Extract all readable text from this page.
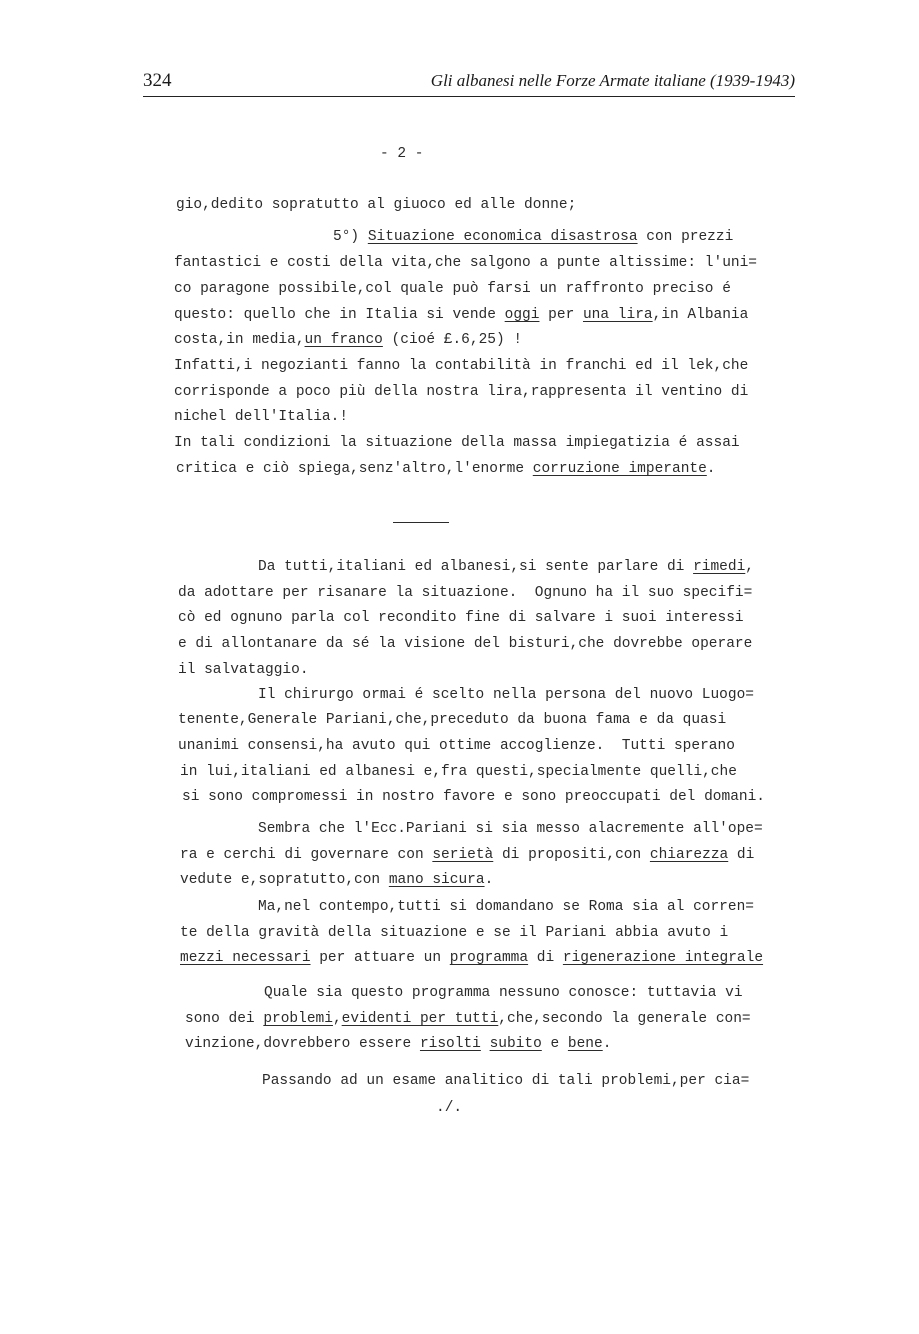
324	Gli albanesi nelle Forze Armate italiane (1939-1943)
- 2 -
gio,dedito sopratutto al giuoco ed alle donne;
5°) Situazione economica disastrosa con prezzi
fantastici e costi della vita,che salgono a punte altissime: l'uni=
co paragone possibile,col quale può farsi un raffronto preciso é
questo: quello che in Italia si vende oggi per una lira,in Albania
costa,in media,un franco (cioé £.6,25) !
Infatti,i negozianti fanno la contabilità in franchi ed il lek,che
corrisponde a poco più della nostra lira,rappresenta il ventino di
nichel dell'Italia.!
In tali condizioni la situazione della massa impiegatizia é assai
critica e ciò spiega,senz'altro,l'enorme corruzione imperante.
Da tutti,italiani ed albanesi,si sente parlare di rimedi,
da adottare per risanare la situazione.  Ognuno ha il suo specifi=
cò ed ognuno parla col recondito fine di salvare i suoi interessi
e di allontanare da sé la visione del bisturi,che dovrebbe operare
il salvataggio.
Il chirurgo ormai é scelto nella persona del nuovo Luogo=
tenente,Generale Pariani,che,preceduto da buona fama e da quasi
unanimi consensi,ha avuto qui ottime accoglienze.  Tutti sperano
in lui,italiani ed albanesi e,fra questi,specialmente quelli,che
si sono compromessi in nostro favore e sono preoccupati del domani.
Sembra che l'Ecc.Pariani si sia messo alacremente all'ope=
ra e cerchi di governare con serietà di propositi,con chiarezza di
vedute e,sopratutto,con mano sicura.
Ma,nel contempo,tutti si domandano se Roma sia al corren=
te della gravità della situazione e se il Pariani abbia avuto i
mezzi necessari per attuare un programma di rigenerazione integrale
Quale sia questo programma nessuno conosce: tuttavia vi
sono dei problemi,evidenti per tutti,che,secondo la generale con=
vinzione,dovrebbero essere risolti subito e bene.
Passando ad un esame analitico di tali problemi,per cia=
./.
